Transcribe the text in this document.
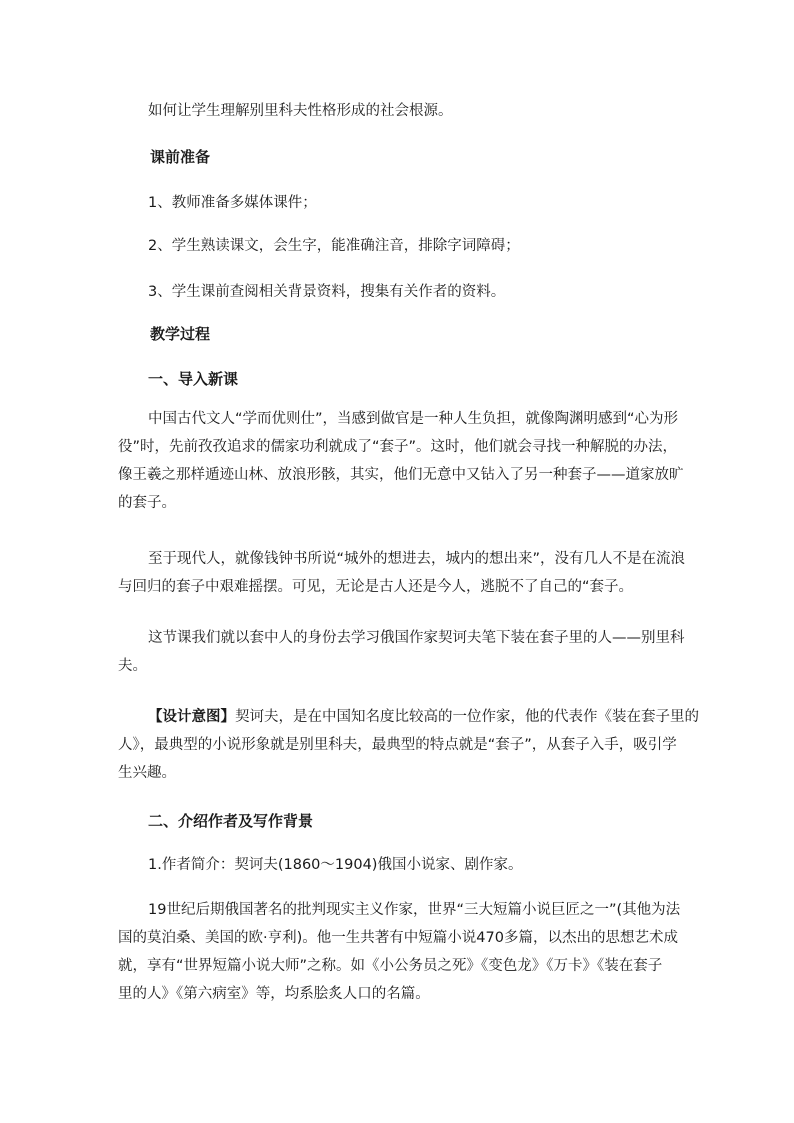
如何让学生理解别里科夫性格形成的社会根源。

课前准备

1、教师准备多媒体课件；

2、学生熟读课文，会生字，能准确注音，排除字词障碍；

3、学生课前查阅相关背景资料，搜集有关作者的资料。

教学过程

一、导入新课

中国古代文人“学而优则仕”，当感到做官是一种人生负担，就像陶渊明感到“心为形
役”时，先前孜孜追求的儒家功利就成了“套子”。这时，他们就会寻找一种解脱的办法，
像王羲之那样遁迹山林、放浪形骸，其实，他们无意中又钻入了另一种套子——道家放旷
的套子。
至于现代人，就像钱钟书所说“城外的想进去，城内的想出来”，没有几人不是在流浪
与回归的套子中艰难摇摆。可见，无论是古人还是今人，逃脱不了自己的“套子。
这节课我们就以套中人的身份去学习俄国作家契诃夫笔下装在套子里的人——别里科
夫。
【设计意图】契诃夫，是在中国知名度比较高的一位作家，他的代表作《装在套子里的
人》，最典型的小说形象就是别里科夫，最典型的特点就是“套子”，从套子入手，吸引学
生兴趣。

二、介绍作者及写作背景

1.作者简介：契诃夫(1860～1904)俄国小说家、剧作家。

19世纪后期俄国著名的批判现实主义作家，世界“三大短篇小说巨匠之一”(其他为法
国的莫泊桑、美国的欧·亨利)。他一生共著有中短篇小说470多篇，以杰出的思想艺术成
就，享有“世界短篇小说大师”之称。如《小公务员之死》《变色龙》《万卡》《装在套子
里的人》《第六病室》等，均系脍炙人口的名篇。
